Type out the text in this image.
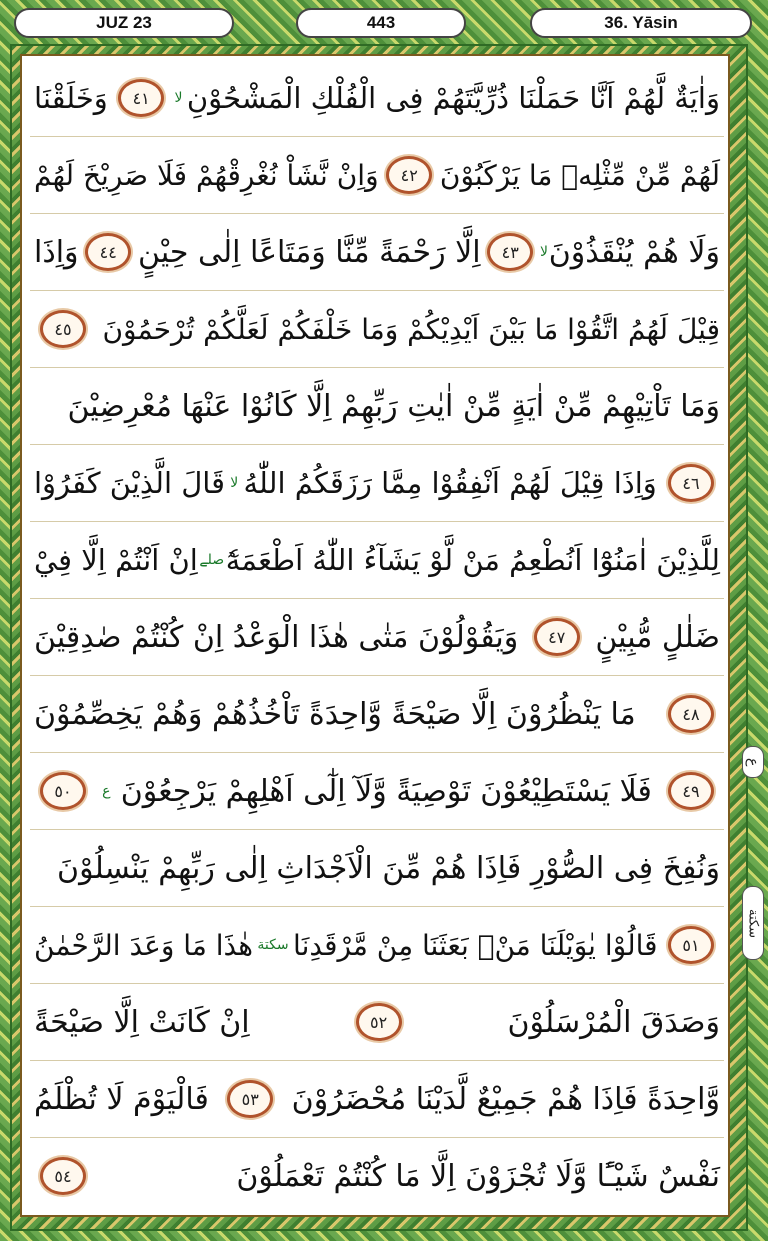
JUZ 23	443	36. Yāsin
وَاٰيَةٌ لَّهُمْ اَنَّا حَمَلْنَا ذُرِّيَّتَهُمْ فِى الْفُلْكِ الْمَشْحُوْنِ
لا
٤١
وَخَلَقْنَا
لَهُمْ مِّنْ مِّثْلِهٖ مَا يَرْكَبُوْنَ
٤٢
وَاِنْ نَّشَاْ نُغْرِقْهُمْ فَلَا صَرِيْخَ لَهُمْ
وَلَا هُمْ يُنْقَذُوْنَ
لا
٤٣
اِلَّا رَحْمَةً مِّنَّا وَمَتَاعًا اِلٰى حِيْنٍ
٤٤
وَاِذَا
قِيْلَ لَهُمُ اتَّقُوْا مَا بَيْنَ اَيْدِيْكُمْ وَمَا خَلْفَكُمْ لَعَلَّكُمْ تُرْحَمُوْنَ
٤٥
وَمَا تَاْتِيْهِمْ مِّنْ اٰيَةٍ مِّنْ اٰيٰتِ رَبِّهِمْ اِلَّا كَانُوْا عَنْهَا مُعْرِضِيْنَ
٤٦
وَاِذَا قِيْلَ لَهُمْ اَنْفِقُوْا مِمَّا رَزَقَكُمُ اللّٰهُ
لا
قَالَ الَّذِيْنَ كَفَرُوْا
لِلَّذِيْنَ اٰمَنُوْٓا اَنُطْعِمُ مَنْ لَّوْ يَشَآءُ اللّٰهُ اَطْعَمَهٗٓ
صلے
اِنْ اَنْتُمْ اِلَّا فِيْ
ضَلٰلٍ مُّبِيْنٍ
٤٧
وَيَقُوْلُوْنَ مَتٰى هٰذَا الْوَعْدُ اِنْ كُنْتُمْ صٰدِقِيْنَ
٤٨
مَا يَنْظُرُوْنَ اِلَّا صَيْحَةً وَّاحِدَةً تَاْخُذُهُمْ وَهُمْ يَخِصِّمُوْنَ
٤٩
فَلَا يَسْتَطِيْعُوْنَ تَوْصِيَةً وَّلَآ اِلٰٓى اَهْلِهِمْ يَرْجِعُوْنَ
ع
٥٠
وَنُفِخَ فِى الصُّوْرِ فَاِذَا هُمْ مِّنَ الْاَجْدَاثِ اِلٰى رَبِّهِمْ يَنْسِلُوْنَ
٥١
قَالُوْا يٰوَيْلَنَا مَنْۢ بَعَثَنَا مِنْ مَّرْقَدِنَا
سكتة
هٰذَا مَا وَعَدَ الرَّحْمٰنُ
وَصَدَقَ الْمُرْسَلُوْنَ
٥٢
اِنْ كَانَتْ اِلَّا صَيْحَةً
وَّاحِدَةً فَاِذَا هُمْ جَمِيْعٌ لَّدَيْنَا مُحْضَرُوْنَ
٥٣
فَالْيَوْمَ لَا تُظْلَمُ
نَفْسٌ شَيْـًٔا وَّلَا تُجْزَوْنَ اِلَّا مَا كُنْتُمْ تَعْمَلُوْنَ
٥٤
ع
سكتة
